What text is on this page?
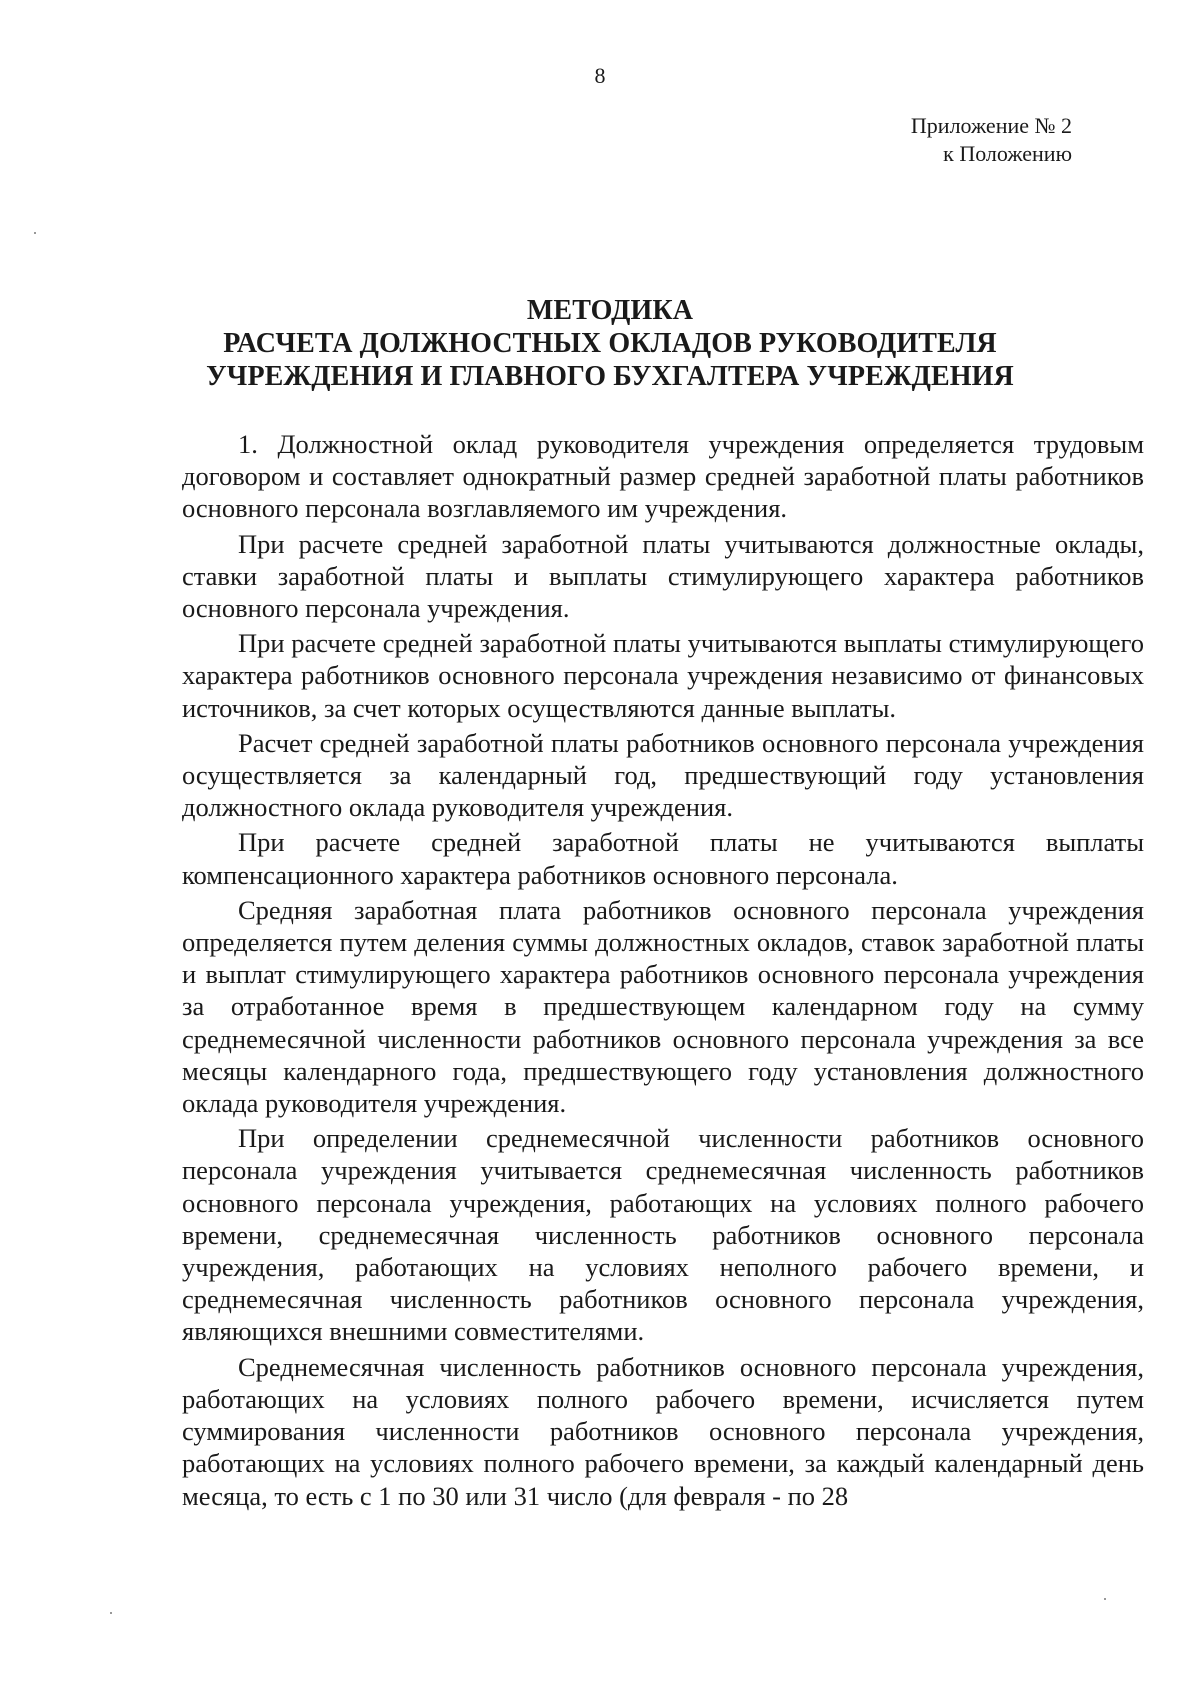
8
Приложение № 2
к Положению
МЕТОДИКА
РАСЧЕТА ДОЛЖНОСТНЫХ ОКЛАДОВ РУКОВОДИТЕЛЯ
УЧРЕЖДЕНИЯ И ГЛАВНОГО БУХГАЛТЕРА УЧРЕЖДЕНИЯ

1. Должностной оклад руководителя учреждения определяется трудовым договором и составляет однократный размер средней заработной платы работников основного персонала возглавляемого им учреждения.

При расчете средней заработной платы учитываются должностные оклады, ставки заработной платы и выплаты стимулирующего характера работников основного персонала учреждения.

При расчете средней заработной платы учитываются выплаты стимулирующего характера работников основного персонала учреждения независимо от финансовых источников, за счет которых осуществляются данные выплаты.

Расчет средней заработной платы работников основного персонала учреждения осуществляется за календарный год, предшествующий году установления должностного оклада руководителя учреждения.

При расчете средней заработной платы не учитываются выплаты компенсационного характера работников основного персонала.

Средняя заработная плата работников основного персонала учреждения определяется путем деления суммы должностных окладов, ставок заработной платы и выплат стимулирующего характера работников основного персонала учреждения за отработанное время в предшествующем календарном году на сумму среднемесячной численности работников основного персонала учреждения за все месяцы календарного года, предшествующего году установления должностного оклада руководителя учреждения.

При определении среднемесячной численности работников основного персонала учреждения учитывается среднемесячная численность работников основного персонала учреждения, работающих на условиях полного рабочего времени, среднемесячная численность работников основного персонала учреждения, работающих на условиях неполного рабочего времени, и среднемесячная численность работников основного персонала учреждения, являющихся внешними совместителями.

Среднемесячная численность работников основного персонала учреждения, работающих на условиях полного рабочего времени, исчисляется путем суммирования численности работников основного персонала учреждения, работающих на условиях полного рабочего времени, за каждый календарный день месяца, то есть с 1 по 30 или 31 число (для февраля - по 28
